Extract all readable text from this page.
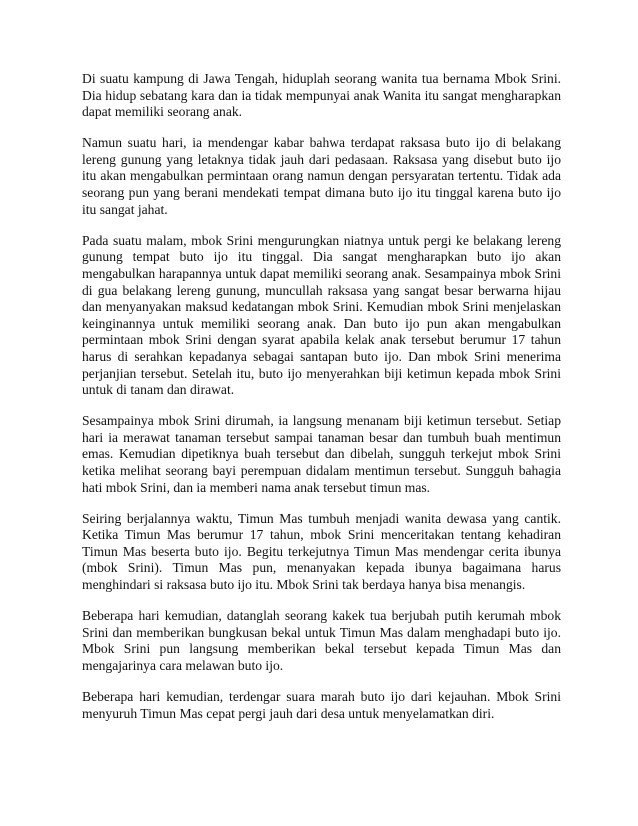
Di suatu kampung di Jawa Tengah, hiduplah seorang wanita tua bernama Mbok Srini. Dia hidup sebatang kara dan ia tidak mempunyai anak Wanita itu sangat mengharapkan dapat memiliki seorang anak.

Namun suatu hari, ia mendengar kabar bahwa terdapat raksasa buto ijo di belakang lereng gunung yang letaknya tidak jauh dari pedasaan. Raksasa yang disebut buto ijo itu akan mengabulkan permintaan orang namun dengan persyaratan tertentu. Tidak ada seorang pun yang berani mendekati tempat dimana buto ijo itu tinggal karena buto ijo itu sangat jahat.

Pada suatu malam, mbok Srini mengurungkan niatnya untuk pergi ke belakang lereng gunung tempat buto ijo itu tinggal. Dia sangat mengharapkan buto ijo akan mengabulkan harapannya untuk dapat memiliki seorang anak. Sesampainya mbok Srini di gua belakang lereng gunung, muncullah raksasa yang sangat besar berwarna hijau dan menyanyakan maksud kedatangan mbok Srini. Kemudian mbok Srini menjelaskan keinginannya untuk memiliki seorang anak. Dan buto ijo pun akan mengabulkan permintaan mbok Srini dengan syarat apabila kelak anak tersebut berumur 17 tahun harus di serahkan kepadanya sebagai santapan buto ijo. Dan mbok Srini menerima perjanjian tersebut. Setelah itu, buto ijo menyerahkan biji ketimun kepada mbok Srini untuk di tanam dan dirawat.

Sesampainya mbok Srini dirumah, ia langsung menanam biji ketimun tersebut. Setiap hari ia merawat tanaman tersebut sampai tanaman besar dan tumbuh buah mentimun emas. Kemudian dipetiknya buah tersebut dan dibelah, sungguh terkejut mbok Srini ketika melihat seorang bayi perempuan didalam mentimun tersebut. Sungguh bahagia hati mbok Srini, dan ia memberi nama anak tersebut timun mas.

Seiring berjalannya waktu, Timun Mas tumbuh menjadi wanita dewasa yang cantik. Ketika Timun Mas berumur 17 tahun, mbok Srini menceritakan tentang kehadiran Timun Mas beserta buto ijo. Begitu terkejutnya Timun Mas mendengar cerita ibunya (mbok Srini). Timun Mas pun, menanyakan kepada ibunya bagaimana harus menghindari si raksasa buto ijo itu. Mbok Srini tak berdaya hanya bisa menangis.

Beberapa hari kemudian, datanglah seorang kakek tua berjubah putih kerumah mbok Srini dan memberikan bungkusan bekal untuk Timun Mas dalam menghadapi buto ijo. Mbok Srini pun langsung memberikan bekal tersebut kepada Timun Mas dan mengajarinya cara melawan buto ijo.

Beberapa hari kemudian, terdengar suara marah buto ijo dari kejauhan. Mbok Srini menyuruh Timun Mas cepat pergi jauh dari desa untuk menyelamatkan diri.
